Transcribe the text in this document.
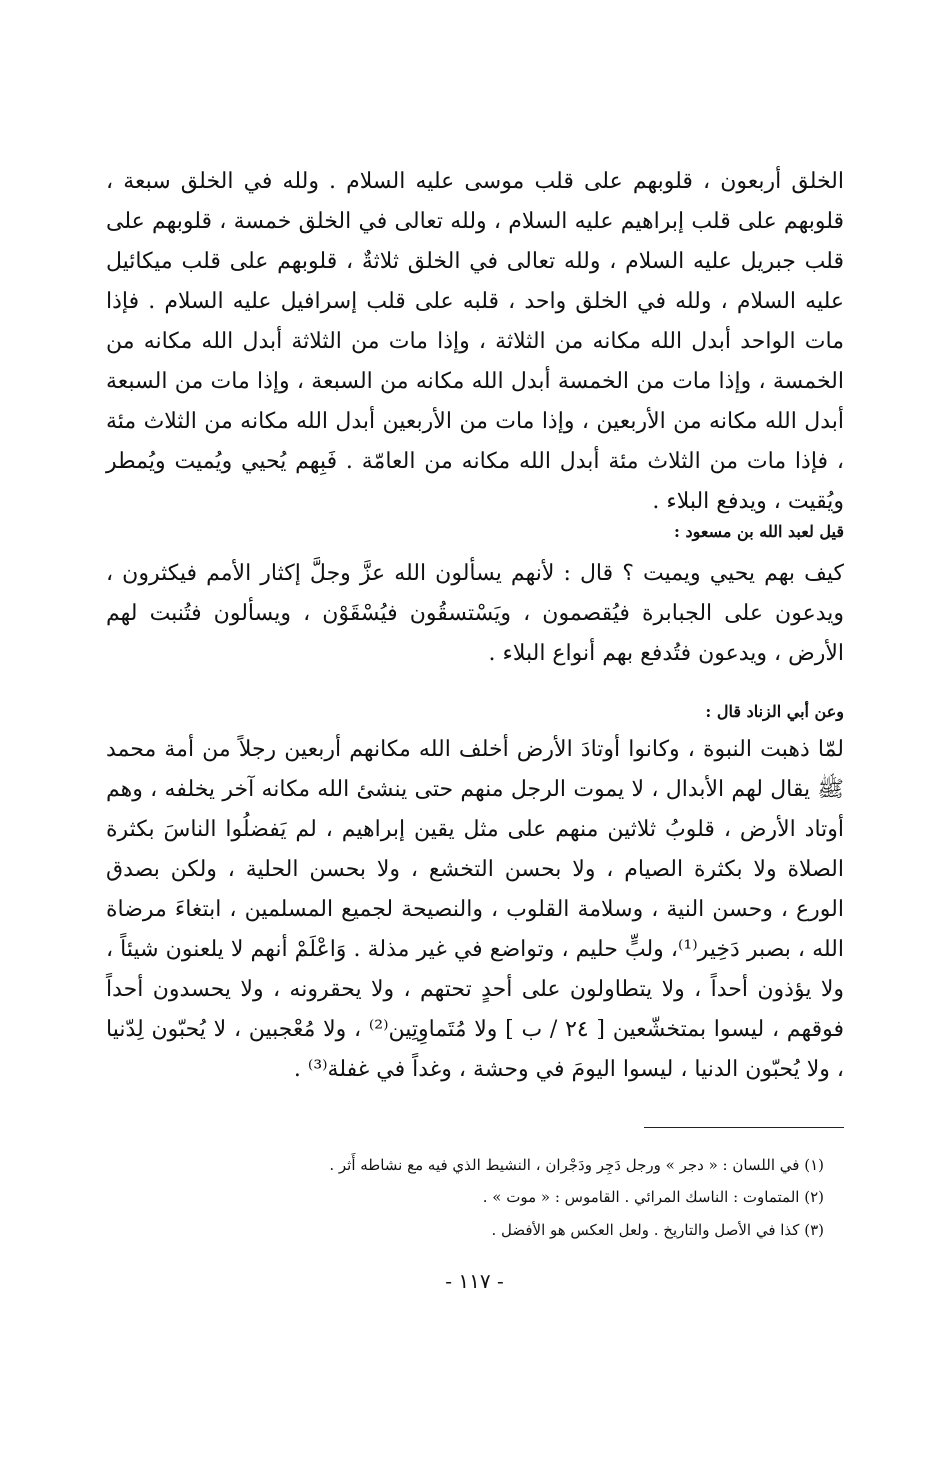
الخلق أربعون ، قلوبهم على قلب موسى عليه السلام . ولله في الخلق سبعة ، قلوبهم على قلب إبراهيم عليه السلام ، ولله تعالى في الخلق خمسة ، قلوبهم على قلب جبريل عليه السلام ، ولله تعالى في الخلق ثلاثةٌ ، قلوبهم على قلب ميكائيل عليه السلام ، ولله في الخلق واحد ، قلبه على قلب إسرافيل عليه السلام . فإذا مات الواحد أبدل الله مكانه من الثلاثة ، وإذا مات من الثلاثة أبدل الله مكانه من الخمسة ، وإذا مات من الخمسة أبدل الله مكانه من السبعة ، وإذا مات من السبعة أبدل الله مكانه من الأربعين ، وإذا مات من الأربعين أبدل الله مكانه من الثلاث مئة ، فإذا مات من الثلاث مئة أبدل الله مكانه من العامّة . فَبِهم يُحيي ويُميت ويُمطر ويُقيت ، ويدفع البلاء .

قيل لعبد الله بن مسعود :

كيف بهم يحيي ويميت ؟ قال : لأنهم يسألون الله عزَّ وجلَّ إكثار الأمم فيكثرون ، ويدعون على الجبابرة فيُقصمون ، ويَسْتسقُون فيُسْقَوْن ، ويسألون فتُنبت لهم الأرض ، ويدعون فتُدفع بهم أنواع البلاء .

وعن أبي الزناد قال :

لمّا ذهبت النبوة ، وكانوا أوتادَ الأرض أخلف الله مكانهم أربعين رجلاً من أمة محمد ﷺ يقال لهم الأبدال ، لا يموت الرجل منهم حتى ينشئ الله مكانه آخر يخلفه ، وهم أوتاد الأرض ، قلوبُ ثلاثين منهم على مثل يقين إبراهيم ، لم يَفضلُوا الناسَ بكثرة الصلاة ولا بكثرة الصيام ، ولا بحسن التخشع ، ولا بحسن الحلية ، ولكن بصدق الورع ، وحسن النية ، وسلامة القلوب ، والنصيحة لجميع المسلمين ، ابتغاءَ مرضاة الله ، بصبر دَخِير⁽¹⁾، ولبٍّ حليم ، وتواضع في غير مذلة . وَاعْلَمْ أنهم لا يلعنون شيئاً ، ولا يؤذون أحداً ، ولا يتطاولون على أحدٍ تحتهم ، ولا يحقرونه ، ولا يحسدون أحداً فوقهم ، ليسوا بمتخشّعين [ ٢٤ / ب ] ولا مُتَماوِتِين⁽²⁾ ، ولا مُعْجبين ، لا يُحبّون لِدّنيا ، ولا يُحبّون الدنيا ، ليسوا اليومَ في وحشة ، وغداً في غفلة⁽³⁾ .

(١) في اللسان : « دجر » ورجل دَجِر ودَجْران ، النشيط الذي فيه مع نشاطه أَثر .
(٢) المتماوت : الناسك المرائي . القاموس : « موت » .
(٣) كذا في الأصل والتاريخ . ولعل العكس هو الأفضل .
- ١١٧ -
